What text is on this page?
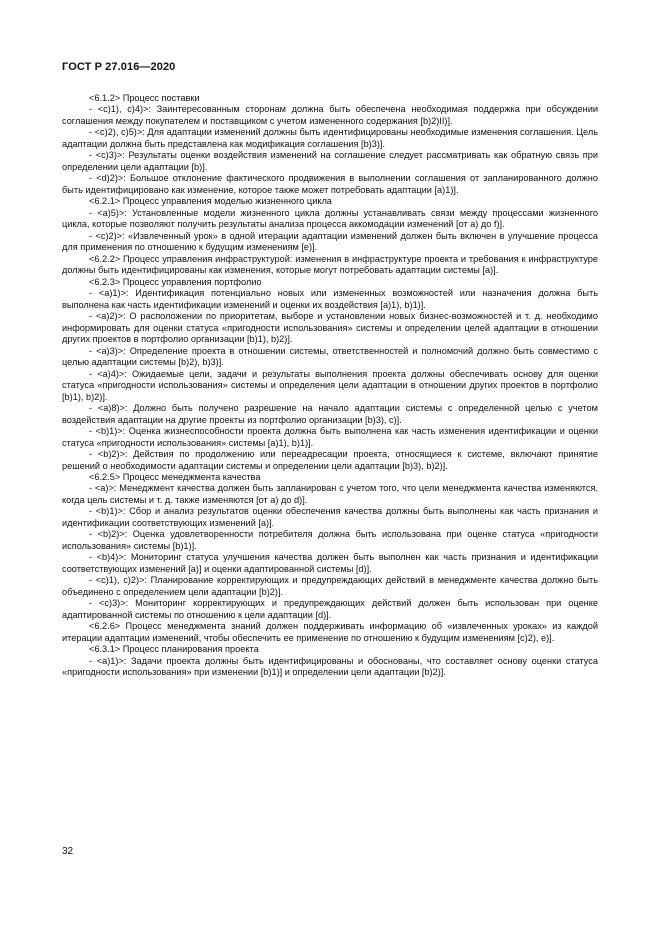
ГОСТ Р 27.016—2020

<6.1.2> Процесс поставки

- <c)1), c)4)>: Заинтересованным сторонам должна быть обеспечена необходимая поддержка при обсуждении соглашения между покупателем и поставщиком с учетом измененного содержания [b)2)II)].

- <c)2), c)5)>: Для адаптации изменений должны быть идентифицированы необходимые изменения соглашения. Цель адаптации должна быть представлена как модификация соглашения [b)3)].

- <c)3)>: Результаты оценки воздействия изменений на соглашение следует рассматривать как обратную связь при определении цели адаптации [b)].

- <d)2)>: Большое отклонение фактического продвижения в выполнении соглашения от запланированного должно быть идентифицировано как изменение, которое также может потребовать адаптации [a)1)].

<6.2.1> Процесс управления моделью жизненного цикла

- <a)5)>: Установленные модели жизненного цикла должны устанавливать связи между процессами жизненного цикла, которые позволяют получить результаты анализа процесса аккомодации изменений [от a) до f)].

- <c)2)>: «Извлеченный урок» в одной итерации адаптации изменений должен быть включен в улучшение процесса для применения по отношению к будущим изменениям [e)].

<6.2.2> Процесс управления инфраструктурой: изменения в инфраструктуре проекта и требования к инфраструктуре должны быть идентифицированы как изменения, которые могут потребовать адаптации системы [a)].

<6.2.3> Процесс управления портфолио

- <a)1)>: Идентификация потенциально новых или измененных возможностей или назначения должна быть выполнена как часть идентификации изменений и оценки их воздействия [a)1), b)1)].

- <a)2)>: О расположении по приоритетам, выборе и установлении новых бизнес-возможностей и т. д. необходимо информировать для оценки статуса «пригодности использования» системы и определении целей адаптации в отношении других проектов в портфолио организации [b)1), b)2)].

- <a)3)>: Определение проекта в отношении системы, ответственностей и полномочий должно быть совместимо с целью адаптации системы [b)2), b)3)].

- <a)4)>: Ожидаемые цели, задачи и результаты выполнения проекта должны обеспечивать основу для оценки статуса «пригодности использования» системы и определения цели адаптации в отношении других проектов в портфолио [b)1), b)2)].

- <a)8)>: Должно быть получено разрешение на начало адаптации системы с определенной целью с учетом воздействия адаптации на другие проекты из портфолио организации [b)3), c)].

- <b)1)>: Оценка жизнеспособности проекта должна быть выполнена как часть изменения идентификации и оценки статуса «пригодности использования» системы [a)1), b)1)].

- <b)2)>: Действия по продолжению или переадресации проекта, относящиеся к системе, включают принятие решений о необходимости адаптации системы и определении цели адаптации [b)3), b)2)].

<6.2.5> Процесс менеджмента качества

- <a)>: Менеджмент качества должен быть запланирован с учетом того, что цели менеджмента качества изменяются, когда цель системы и т. д. также изменяются [от a) до d)].

- <b)1)>: Сбор и анализ результатов оценки обеспечения качества должны быть выполнены как часть признания и идентификации соответствующих изменений [a)].

- <b)2)>: Оценка удовлетворенности потребителя должна быть использована при оценке статуса «пригодности использования» системы [b)1)].

- <b)4)>: Мониторинг статуса улучшения качества должен быть выполнен как часть признания и идентификации соответствующих изменений [a)] и оценки адаптированной системы [d)].

- <c)1), c)2)>: Планирование корректирующих и предупреждающих действий в менеджменте качества должно быть объединено с определением цели адаптации [b)2)].

- <c)3)>: Мониторинг корректирующих и предупреждающих действий должен быть использован при оценке адаптированной системы по отношению к цели адаптации [d)].

<6.2.6> Процесс менеджмента знаний должен поддерживать информацию об «извлеченных уроках» из каждой итерации адаптации изменений, чтобы обеспечить ее применение по отношению к будущим изменениям [c)2), e)].

<6.3.1> Процесс планирования проекта

- <a)1)>: Задачи проекта должны быть идентифицированы и обоснованы, что составляет основу оценки статуса «пригодности использования» при изменении [b)1)] и определении цели адаптации [b)2)].

32
